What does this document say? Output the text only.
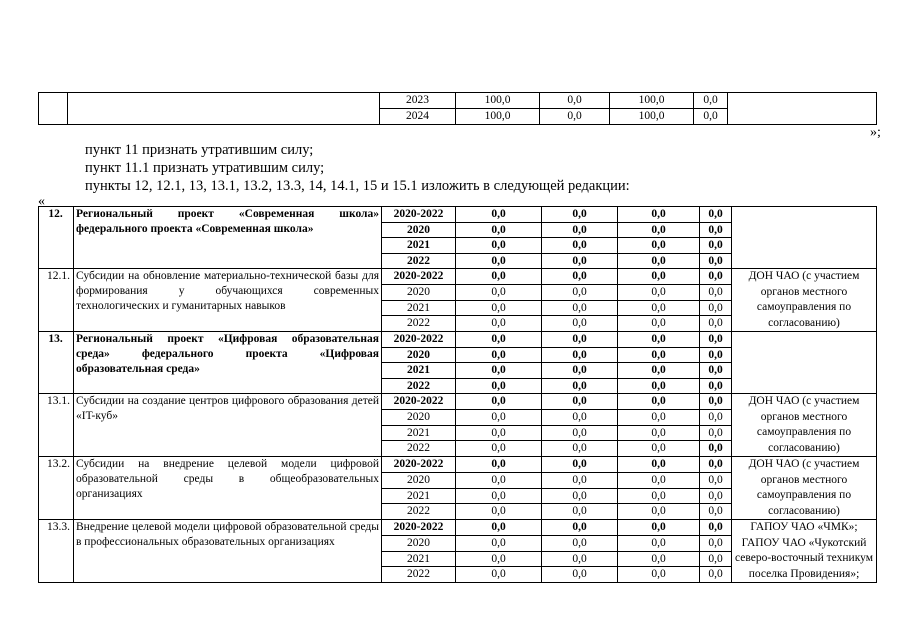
		2023	100,0	0,0	100,0	0,0	
		2024	100,0	0,0	100,0	0,0	
»;
пункт 11 признать утратившим силу;
пункт 11.1 признать утратившим силу;
пункты 12, 12.1, 13, 13.1, 13.2, 13.3, 14, 14.1, 15 и 15.1 изложить в следующей редакции:
«
12.	Региональный проект «Современная школа» федерального проекта «Современная школа»	2020-2022	0,0	0,0	0,0	0,0	
		2020	0,0	0,0	0,0	0,0	
		2021	0,0	0,0	0,0	0,0	
		2022	0,0	0,0	0,0	0,0	
12.1.	Субсидии на обновление материально-технической базы для формирования у обучающихся современных технологических и гуманитарных навыков	2020-2022	0,0	0,0	0,0	0,0	ДОН ЧАО (с участием органов местного самоуправления по согласованию)
		2020	0,0	0,0	0,0	0,0	
		2021	0,0	0,0	0,0	0,0	
		2022	0,0	0,0	0,0	0,0	
13.	Региональный проект «Цифровая образовательная среда» федерального проекта «Цифровая образовательная среда»	2020-2022	0,0	0,0	0,0	0,0	
		2020	0,0	0,0	0,0	0,0	
		2021	0,0	0,0	0,0	0,0	
		2022	0,0	0,0	0,0	0,0	
13.1.	Субсидии на создание центров цифрового образования детей «IT-куб»	2020-2022	0,0	0,0	0,0	0,0	ДОН ЧАО (с участием органов местного самоуправления по согласованию)
		2020	0,0	0,0	0,0	0,0	
		2021	0,0	0,0	0,0	0,0	
		2022	0,0	0,0	0,0	0,0	
13.2.	Субсидии на внедрение целевой модели цифровой образовательной среды в общеобразовательных организациях	2020-2022	0,0	0,0	0,0	0,0	ДОН ЧАО (с участием органов местного самоуправления по согласованию)
		2020	0,0	0,0	0,0	0,0	
		2021	0,0	0,0	0,0	0,0	
		2022	0,0	0,0	0,0	0,0	
13.3.	Внедрение целевой модели цифровой образовательной среды в профессиональных образовательных организациях	2020-2022	0,0	0,0	0,0	0,0	ГАПОУ ЧАО «ЧМК»; ГАПОУ ЧАО «Чукотский северо-восточный техникум поселка Провидения»;
		2020	0,0	0,0	0,0	0,0	
		2021	0,0	0,0	0,0	0,0	
		2022	0,0	0,0	0,0	0,0	
